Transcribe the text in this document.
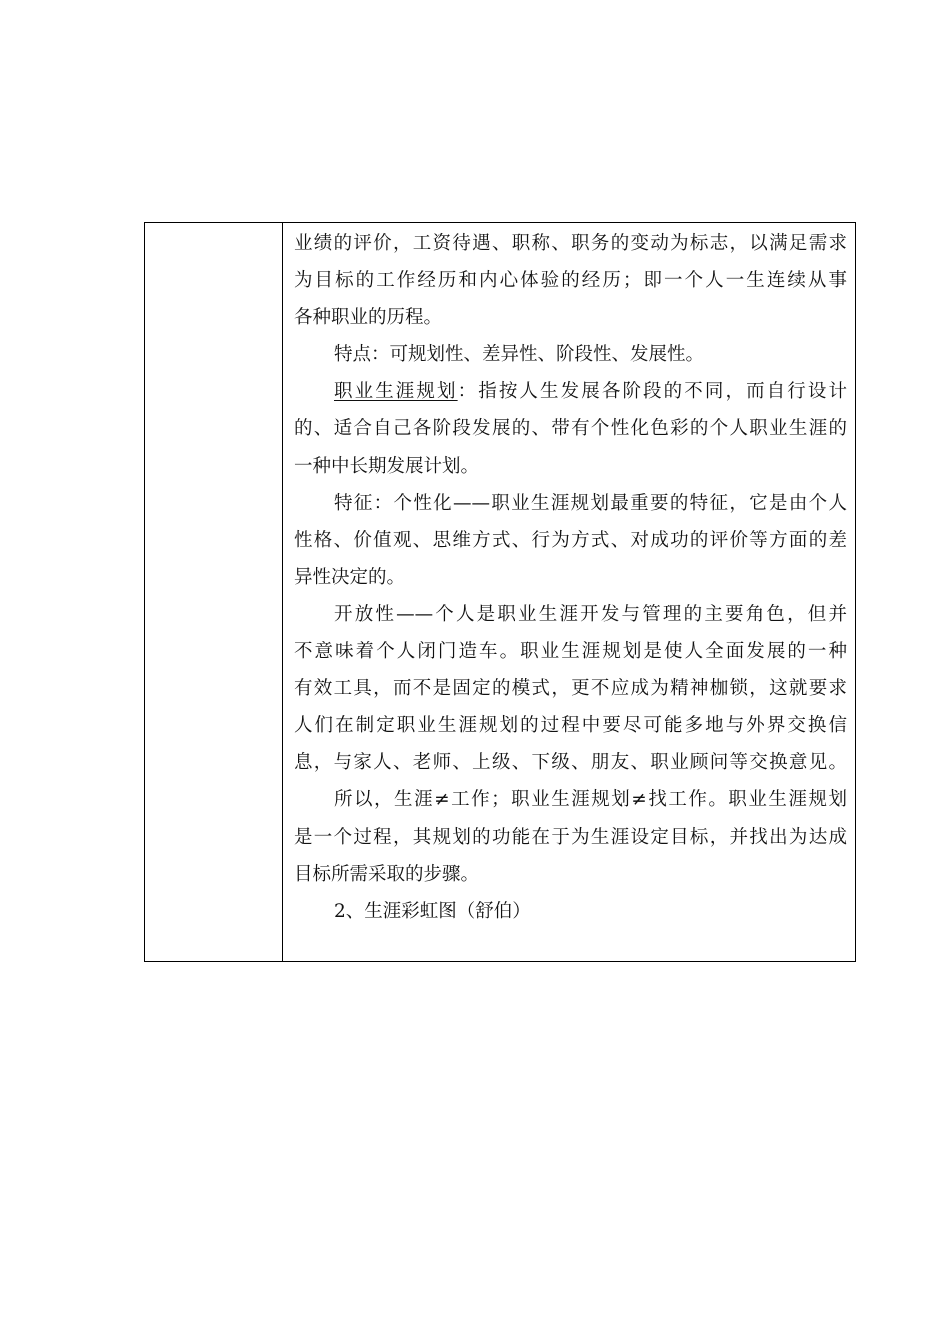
业绩的评价，工资待遇、职称、职务的变动为标志，以满足需求
为目标的工作经历和内心体验的经历；即一个人一生连续从事
各种职业的历程。
特点：可规划性、差异性、阶段性、发展性。
职业生涯规划：指按人生发展各阶段的不同，而自行设计
的、适合自己各阶段发展的、带有个性化色彩的个人职业生涯的
一种中长期发展计划。
特征：个性化——职业生涯规划最重要的特征，它是由个人
性格、价值观、思维方式、行为方式、对成功的评价等方面的差
异性决定的。
开放性——个人是职业生涯开发与管理的主要角色，但并
不意味着个人闭门造车。职业生涯规划是使人全面发展的一种
有效工具，而不是固定的模式，更不应成为精神枷锁，这就要求
人们在制定职业生涯规划的过程中要尽可能多地与外界交换信
息，与家人、老师、上级、下级、朋友、职业顾问等交换意见。
所以，生涯≠工作；职业生涯规划≠找工作。职业生涯规划
是一个过程，其规划的功能在于为生涯设定目标，并找出为达成
目标所需采取的步骤。
2、生涯彩虹图（舒伯）
